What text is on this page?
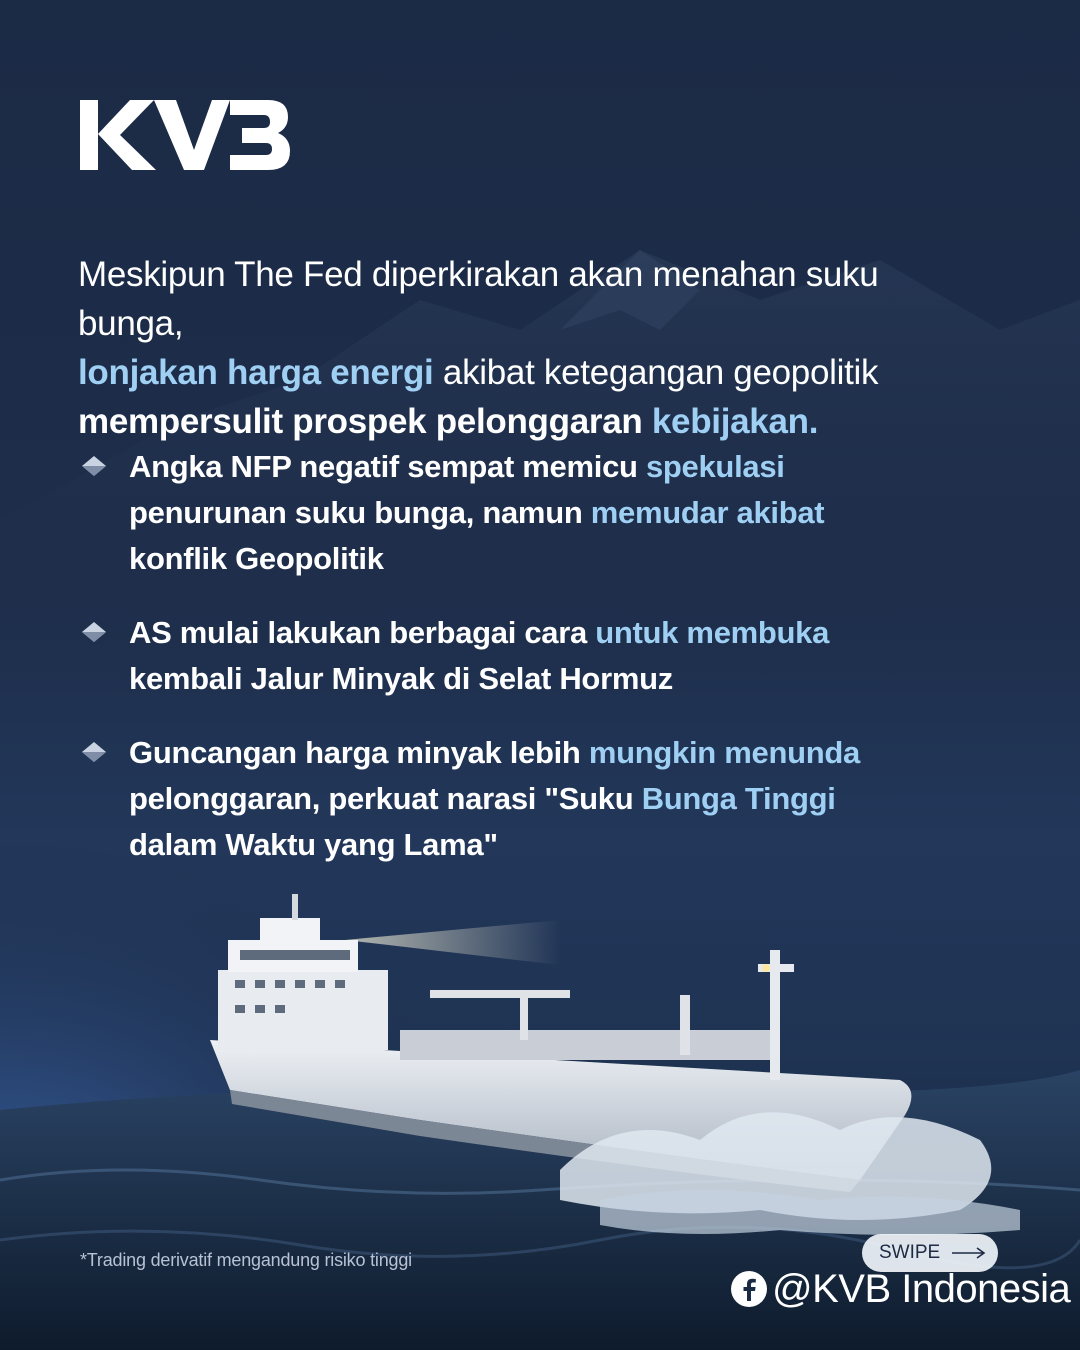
Meskipun The Fed diperkirakan akan menahan suku bunga,
lonjakan harga energi akibat ketegangan geopolitik
mempersulit prospek pelonggaran kebijakan.
Angka NFP negatif sempat memicu spekulasi
penurunan suku bunga, namun memudar akibat
konflik Geopolitik
AS mulai lakukan berbagai cara untuk membuka
kembali Jalur Minyak di Selat Hormuz
Guncangan harga minyak lebih mungkin menunda
pelonggaran, perkuat narasi "Suku Bunga Tinggi
dalam Waktu yang Lama"
*Trading derivatif mengandung risiko tinggi	SWIPE
@KVB Indonesia
